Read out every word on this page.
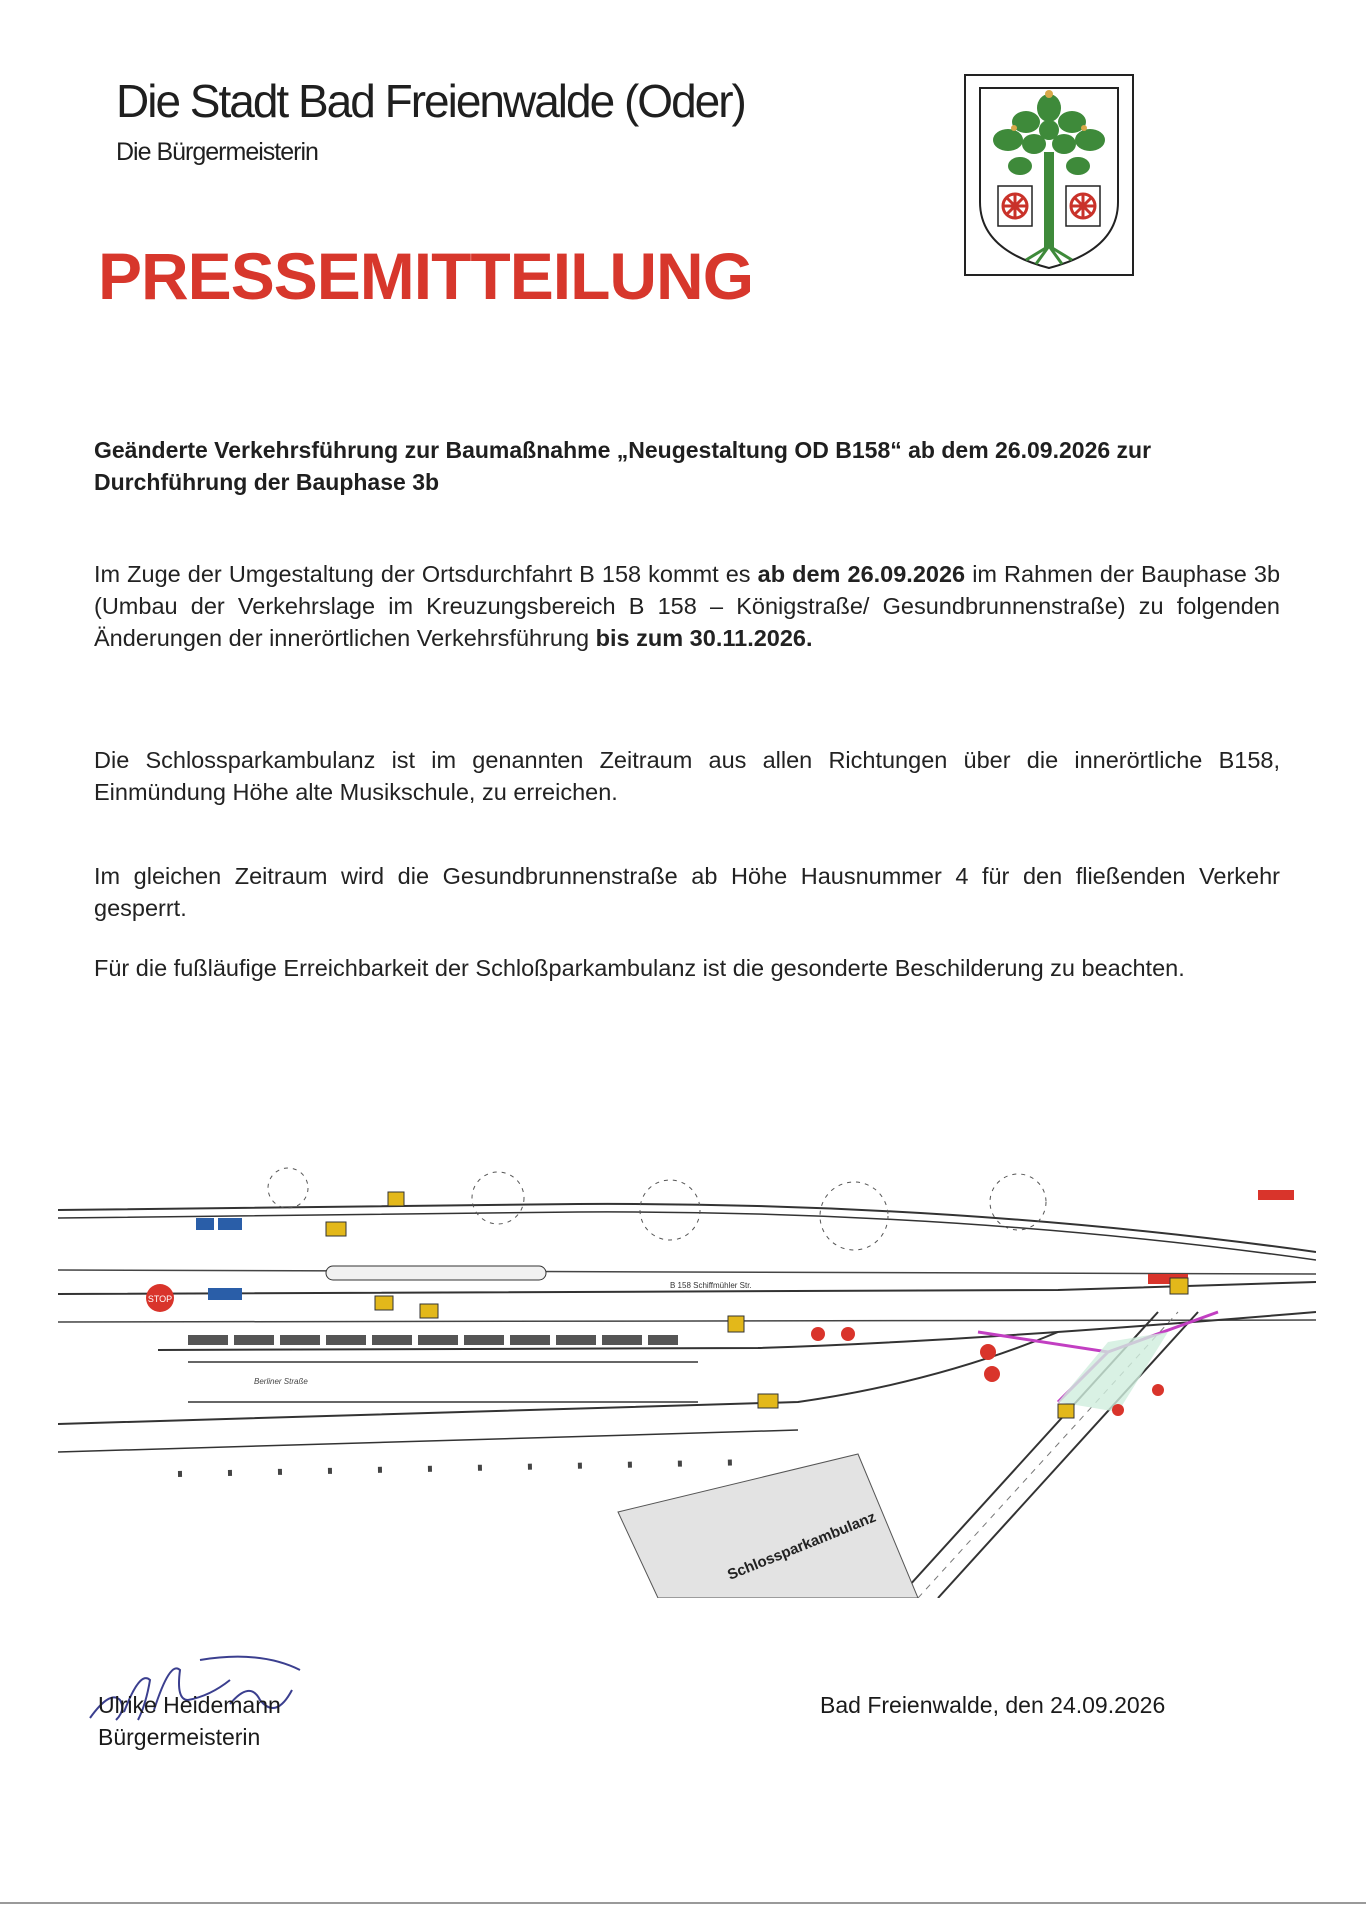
Die Stadt Bad Freienwalde (Oder)
Die Bürgermeisterin
PRESSEMITTEILUNG
Geänderte Verkehrsführung zur Baumaßnahme „Neugestaltung OD B158“ ab dem 26.09.2026 zur Durchführung der Bauphase 3b
Im Zuge der Umgestaltung der Ortsdurchfahrt B 158 kommt es ab dem 26.09.2026 im Rahmen der Bauphase 3b (Umbau der Verkehrslage im Kreuzungsbereich B 158 – Königstraße/ Gesundbrunnenstraße) zu folgenden Änderungen der innerörtlichen Verkehrsführung bis zum 30.11.2026.
Die Schlossparkambulanz ist im genannten Zeitraum aus allen Richtungen über die innerörtliche B158, Einmündung Höhe alte Musikschule, zu erreichen.
Im gleichen Zeitraum wird die Gesundbrunnenstraße ab Höhe Hausnummer 4 für den fließenden Verkehr gesperrt.
Für die fußläufige Erreichbarkeit der Schloßparkambulanz ist die gesonderte Beschilderung zu beachten.
STOP
B 158 Schiffmühler Str.
Berliner Straße
Schlossparkambulanz
Ulrike Heidemann
Bürgermeisterin
Bad Freienwalde, den 24.09.2026
